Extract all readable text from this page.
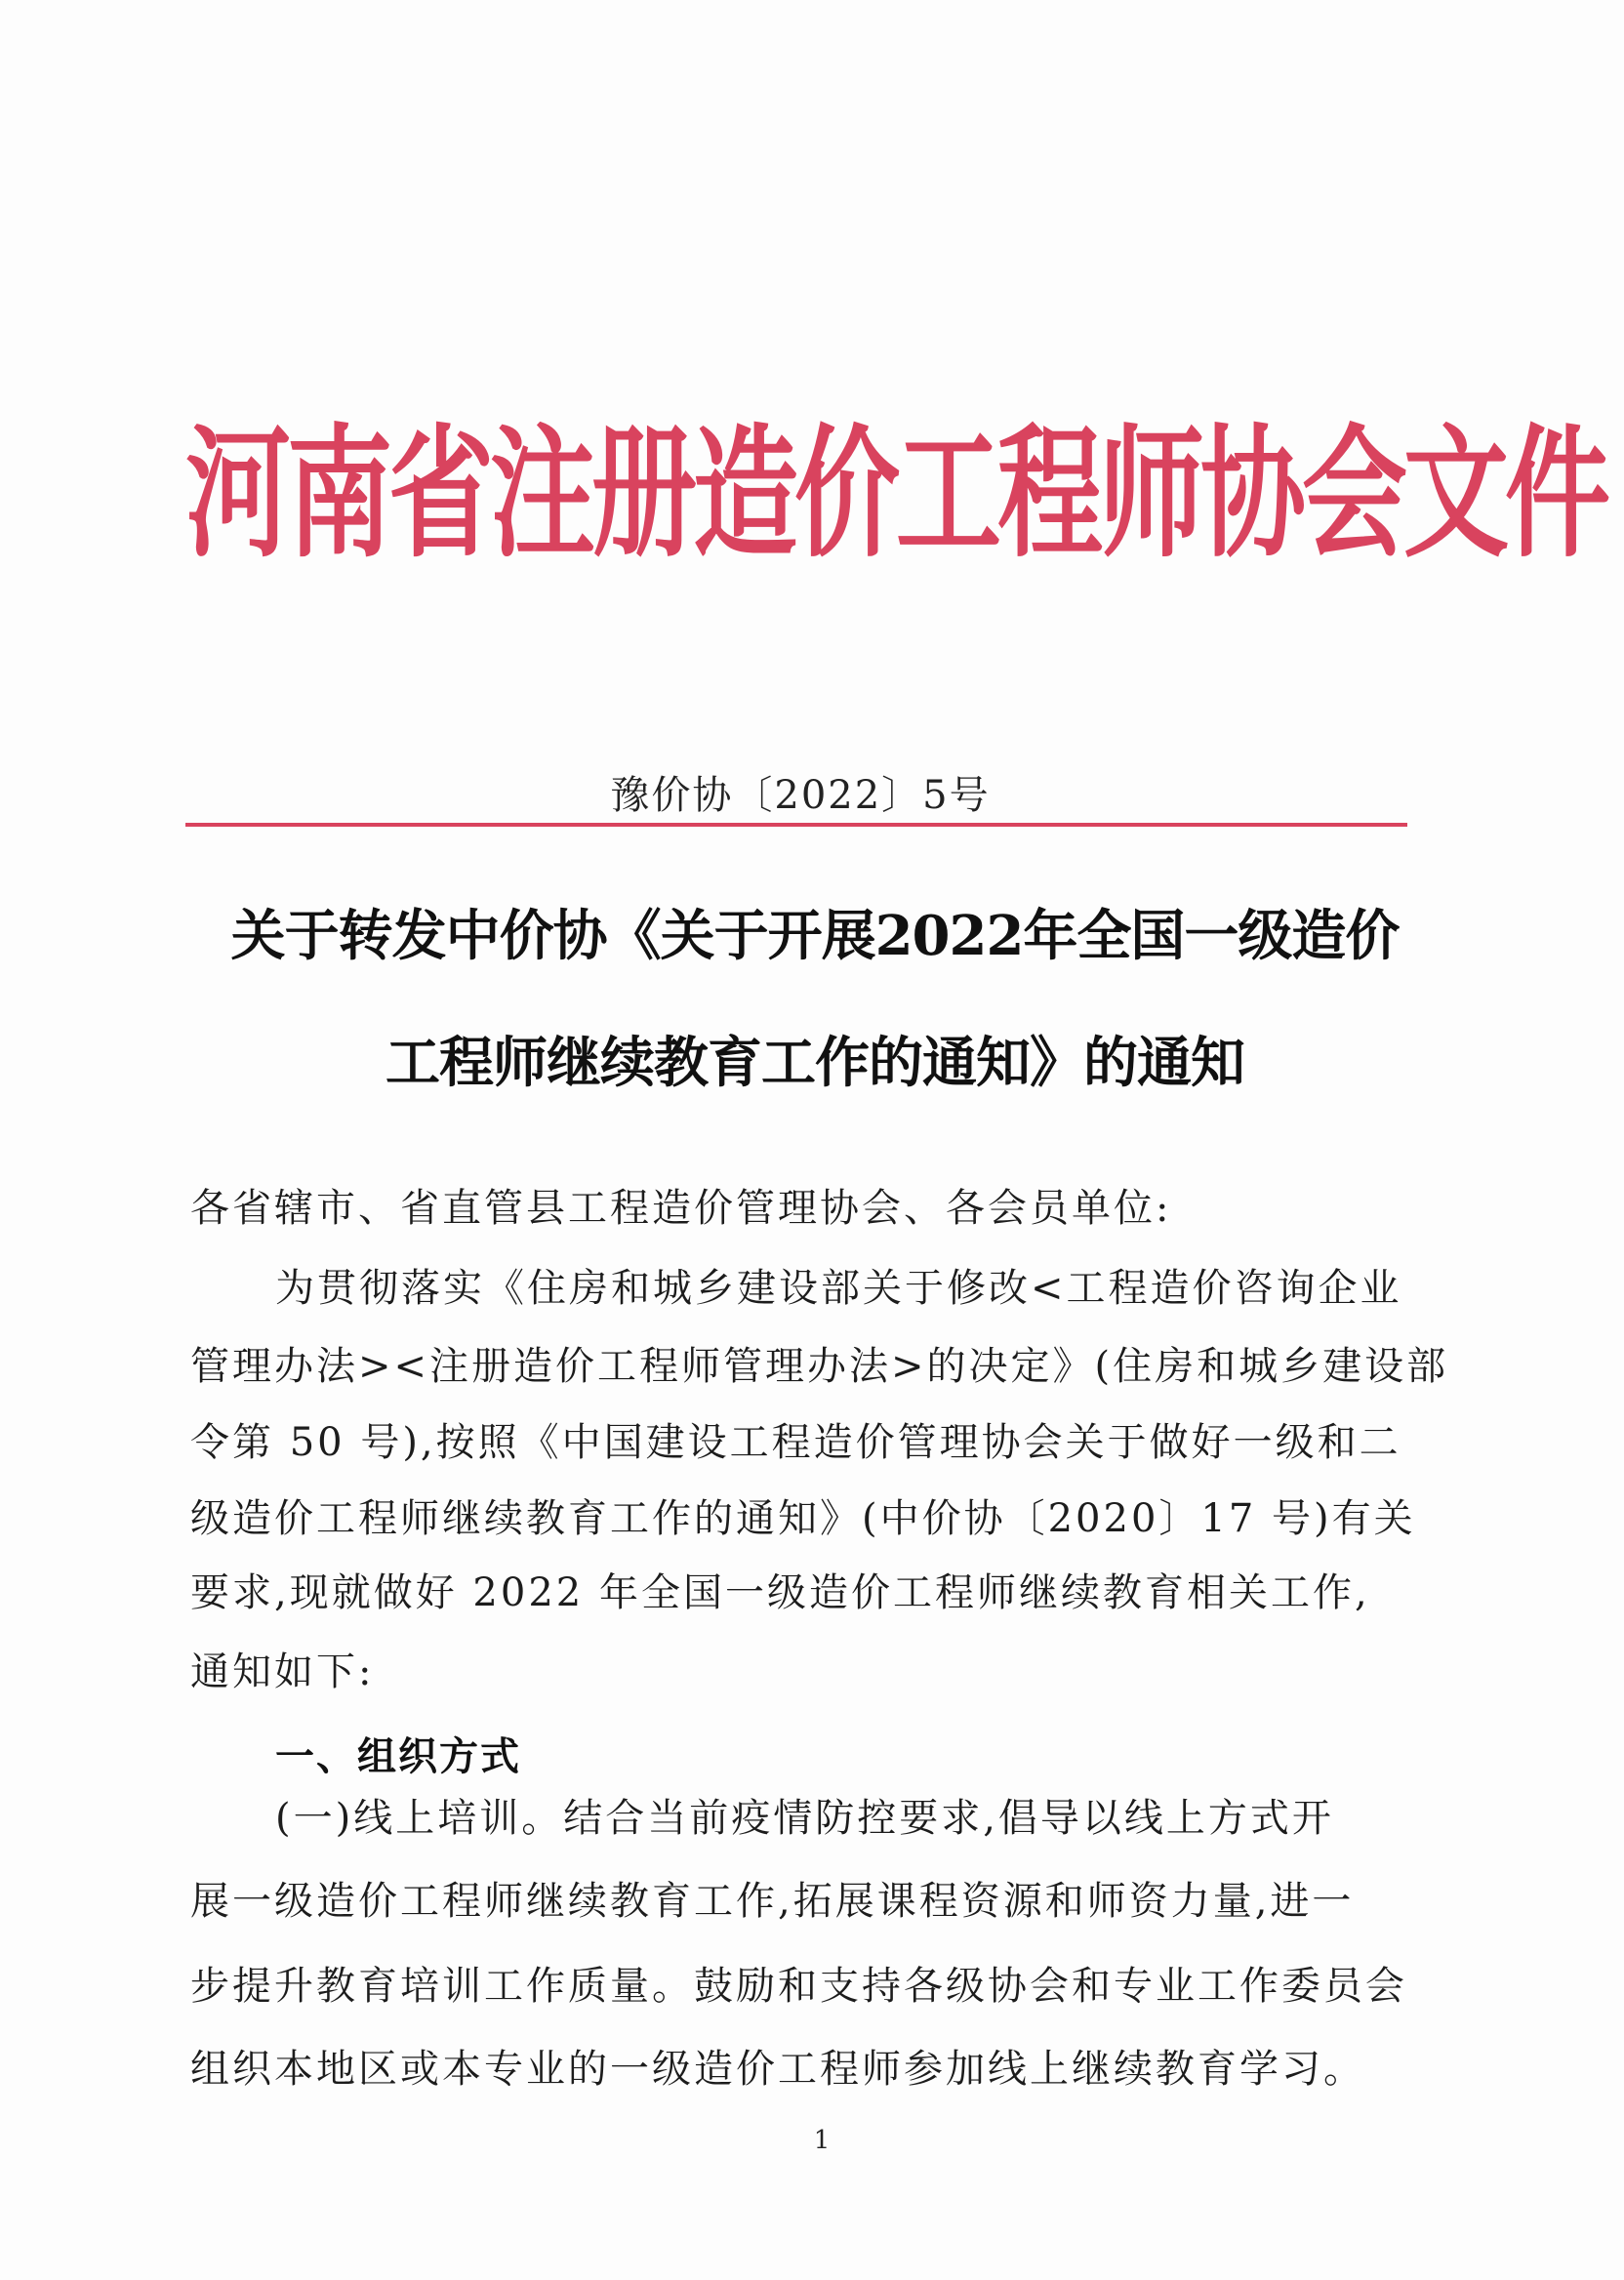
河南省注册造价工程师协会文件
豫价协〔2022〕5号
关于转发中价协《关于开展2022年全国一级造价
工程师继续教育工作的通知》的通知
各省辖市、省直管县工程造价管理协会、各会员单位:
为贯彻落实《住房和城乡建设部关于修改<工程造价咨询企业
管理办法><注册造价工程师管理办法>的决定》(住房和城乡建设部
令第 50 号),按照《中国建设工程造价管理协会关于做好一级和二
级造价工程师继续教育工作的通知》(中价协〔2020〕17 号)有关
要求,现就做好 2022 年全国一级造价工程师继续教育相关工作,
通知如下:
一、组织方式
(一)线上培训。结合当前疫情防控要求,倡导以线上方式开
展一级造价工程师继续教育工作,拓展课程资源和师资力量,进一
步提升教育培训工作质量。鼓励和支持各级协会和专业工作委员会
组织本地区或本专业的一级造价工程师参加线上继续教育学习。
1
